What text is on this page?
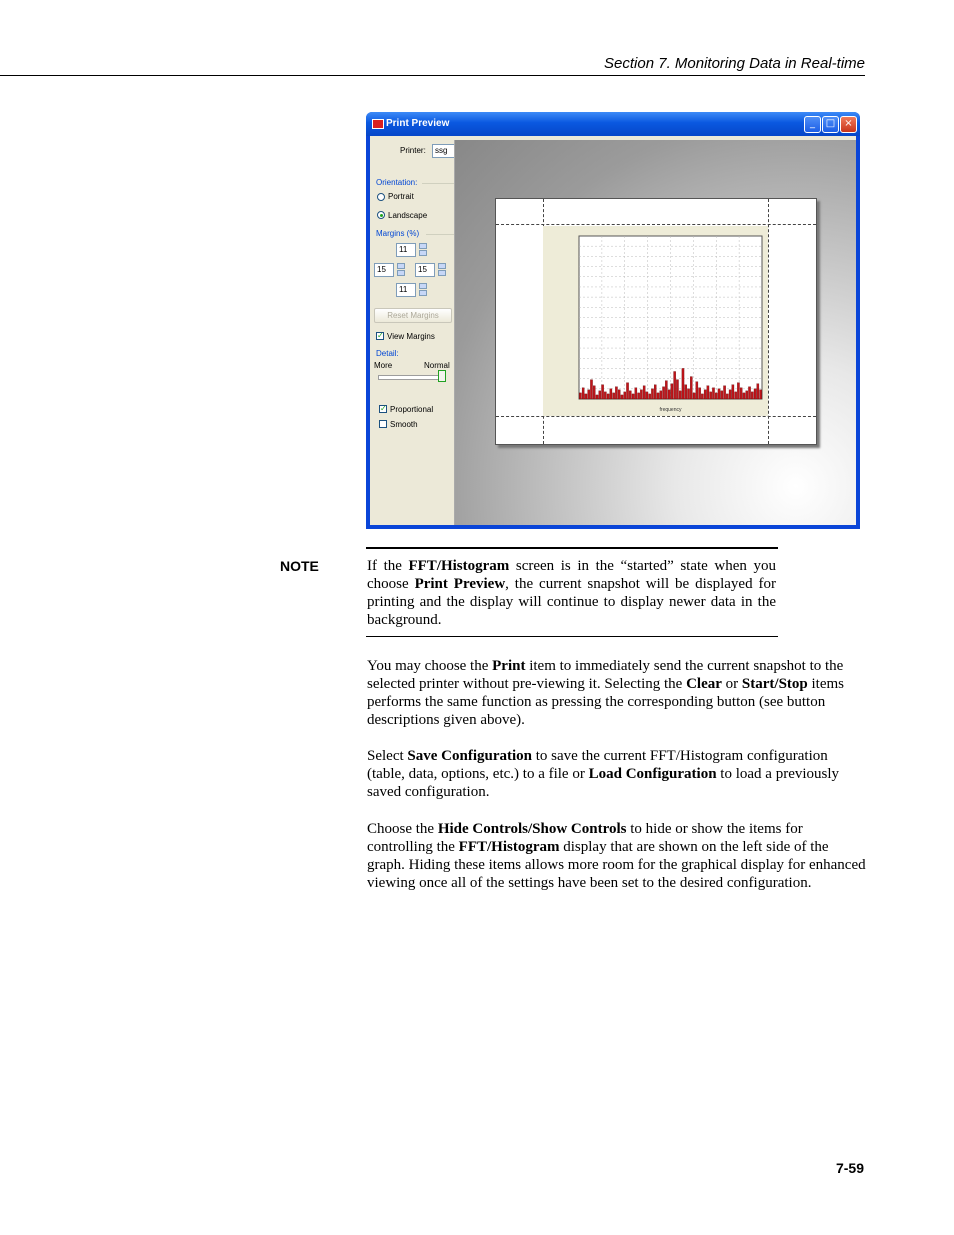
Section 7. Monitoring Data in Real-time
Print Preview	_	□ ×
Printer:	ssg
Orientation:
Portrait
Landscape
Margins (%)
11
15	15
11
Reset Margins
✓ View Margins
Detail:
More	Normal
✓ Proportional
Smooth
frequency
NOTE	If the FFT/Histogram screen is in the “started” state when you choose Print Preview, the current snapshot will be displayed for printing and the display will continue to display newer data in the background.
You may choose the Print item to immediately send the current snapshot to the selected printer without pre-viewing it. Selecting the Clear or Start/Stop items performs the same function as pressing the corresponding button (see button descriptions given above).
Select Save Configuration to save the current FFT/Histogram configuration (table, data, options, etc.) to a file or Load Configuration to load a previously saved configuration.
Choose the Hide Controls/Show Controls to hide or show the items for controlling the FFT/Histogram display that are shown on the left side of the graph. Hiding these items allows more room for the graphical display for enhanced viewing once all of the settings have been set to the desired configuration.
7-59
